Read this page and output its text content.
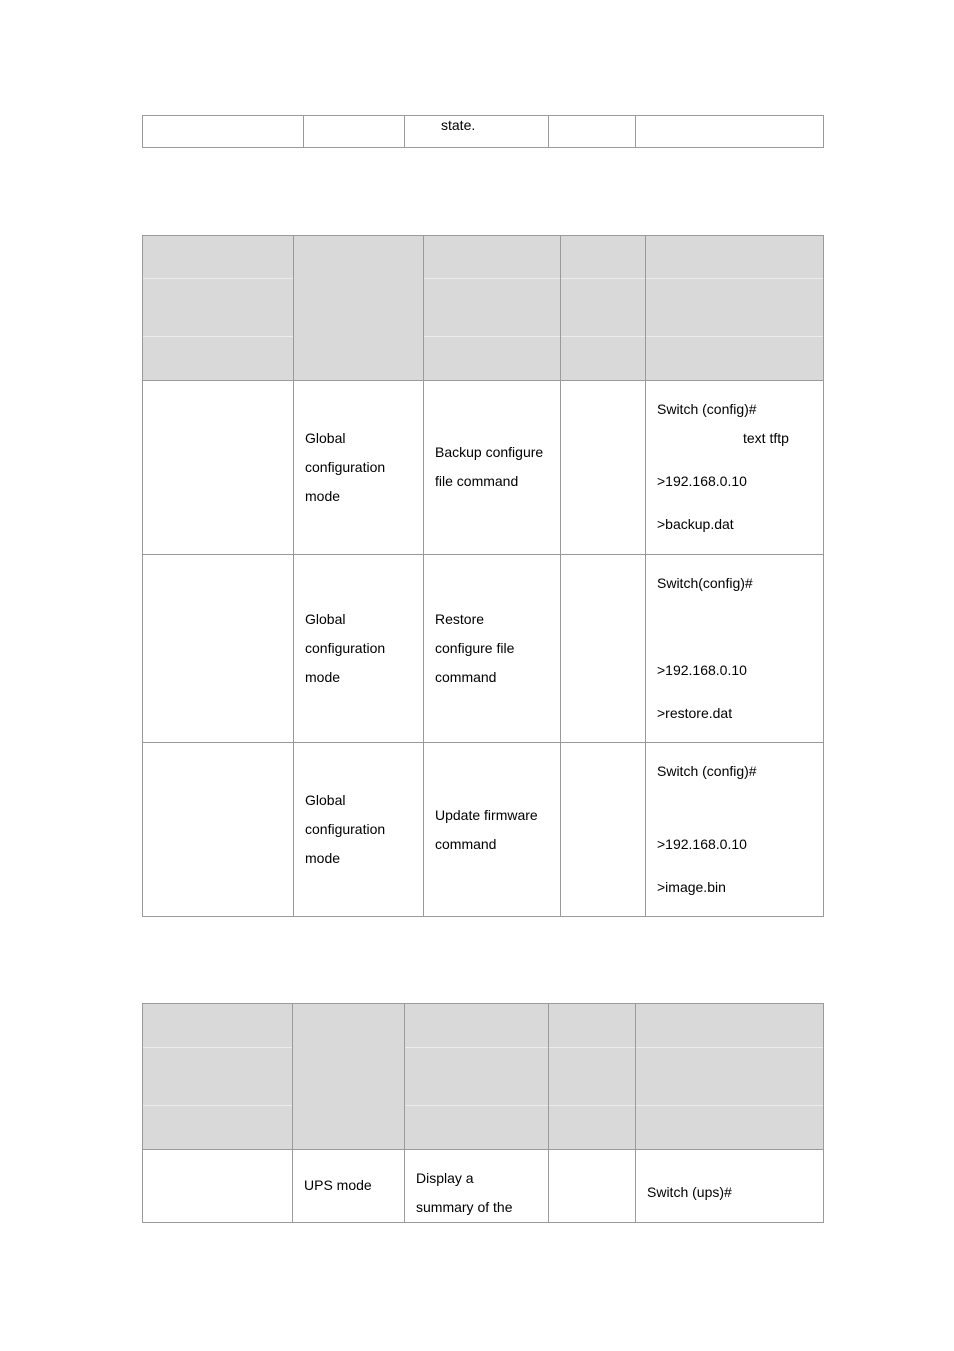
state.

	Global
configuration
mode	Backup configure
file command		Switch (config)#
text tftp
>192.168.0.10
>backup.dat

	Global
configuration
mode	Restore
configure file
command		Switch(config)#
>192.168.0.10
>restore.dat

	Global
configuration
mode	Update firmware
command		Switch (config)#
>192.168.0.10
>image.bin

	UPS mode	Display a
summary of the		Switch (ups)#
